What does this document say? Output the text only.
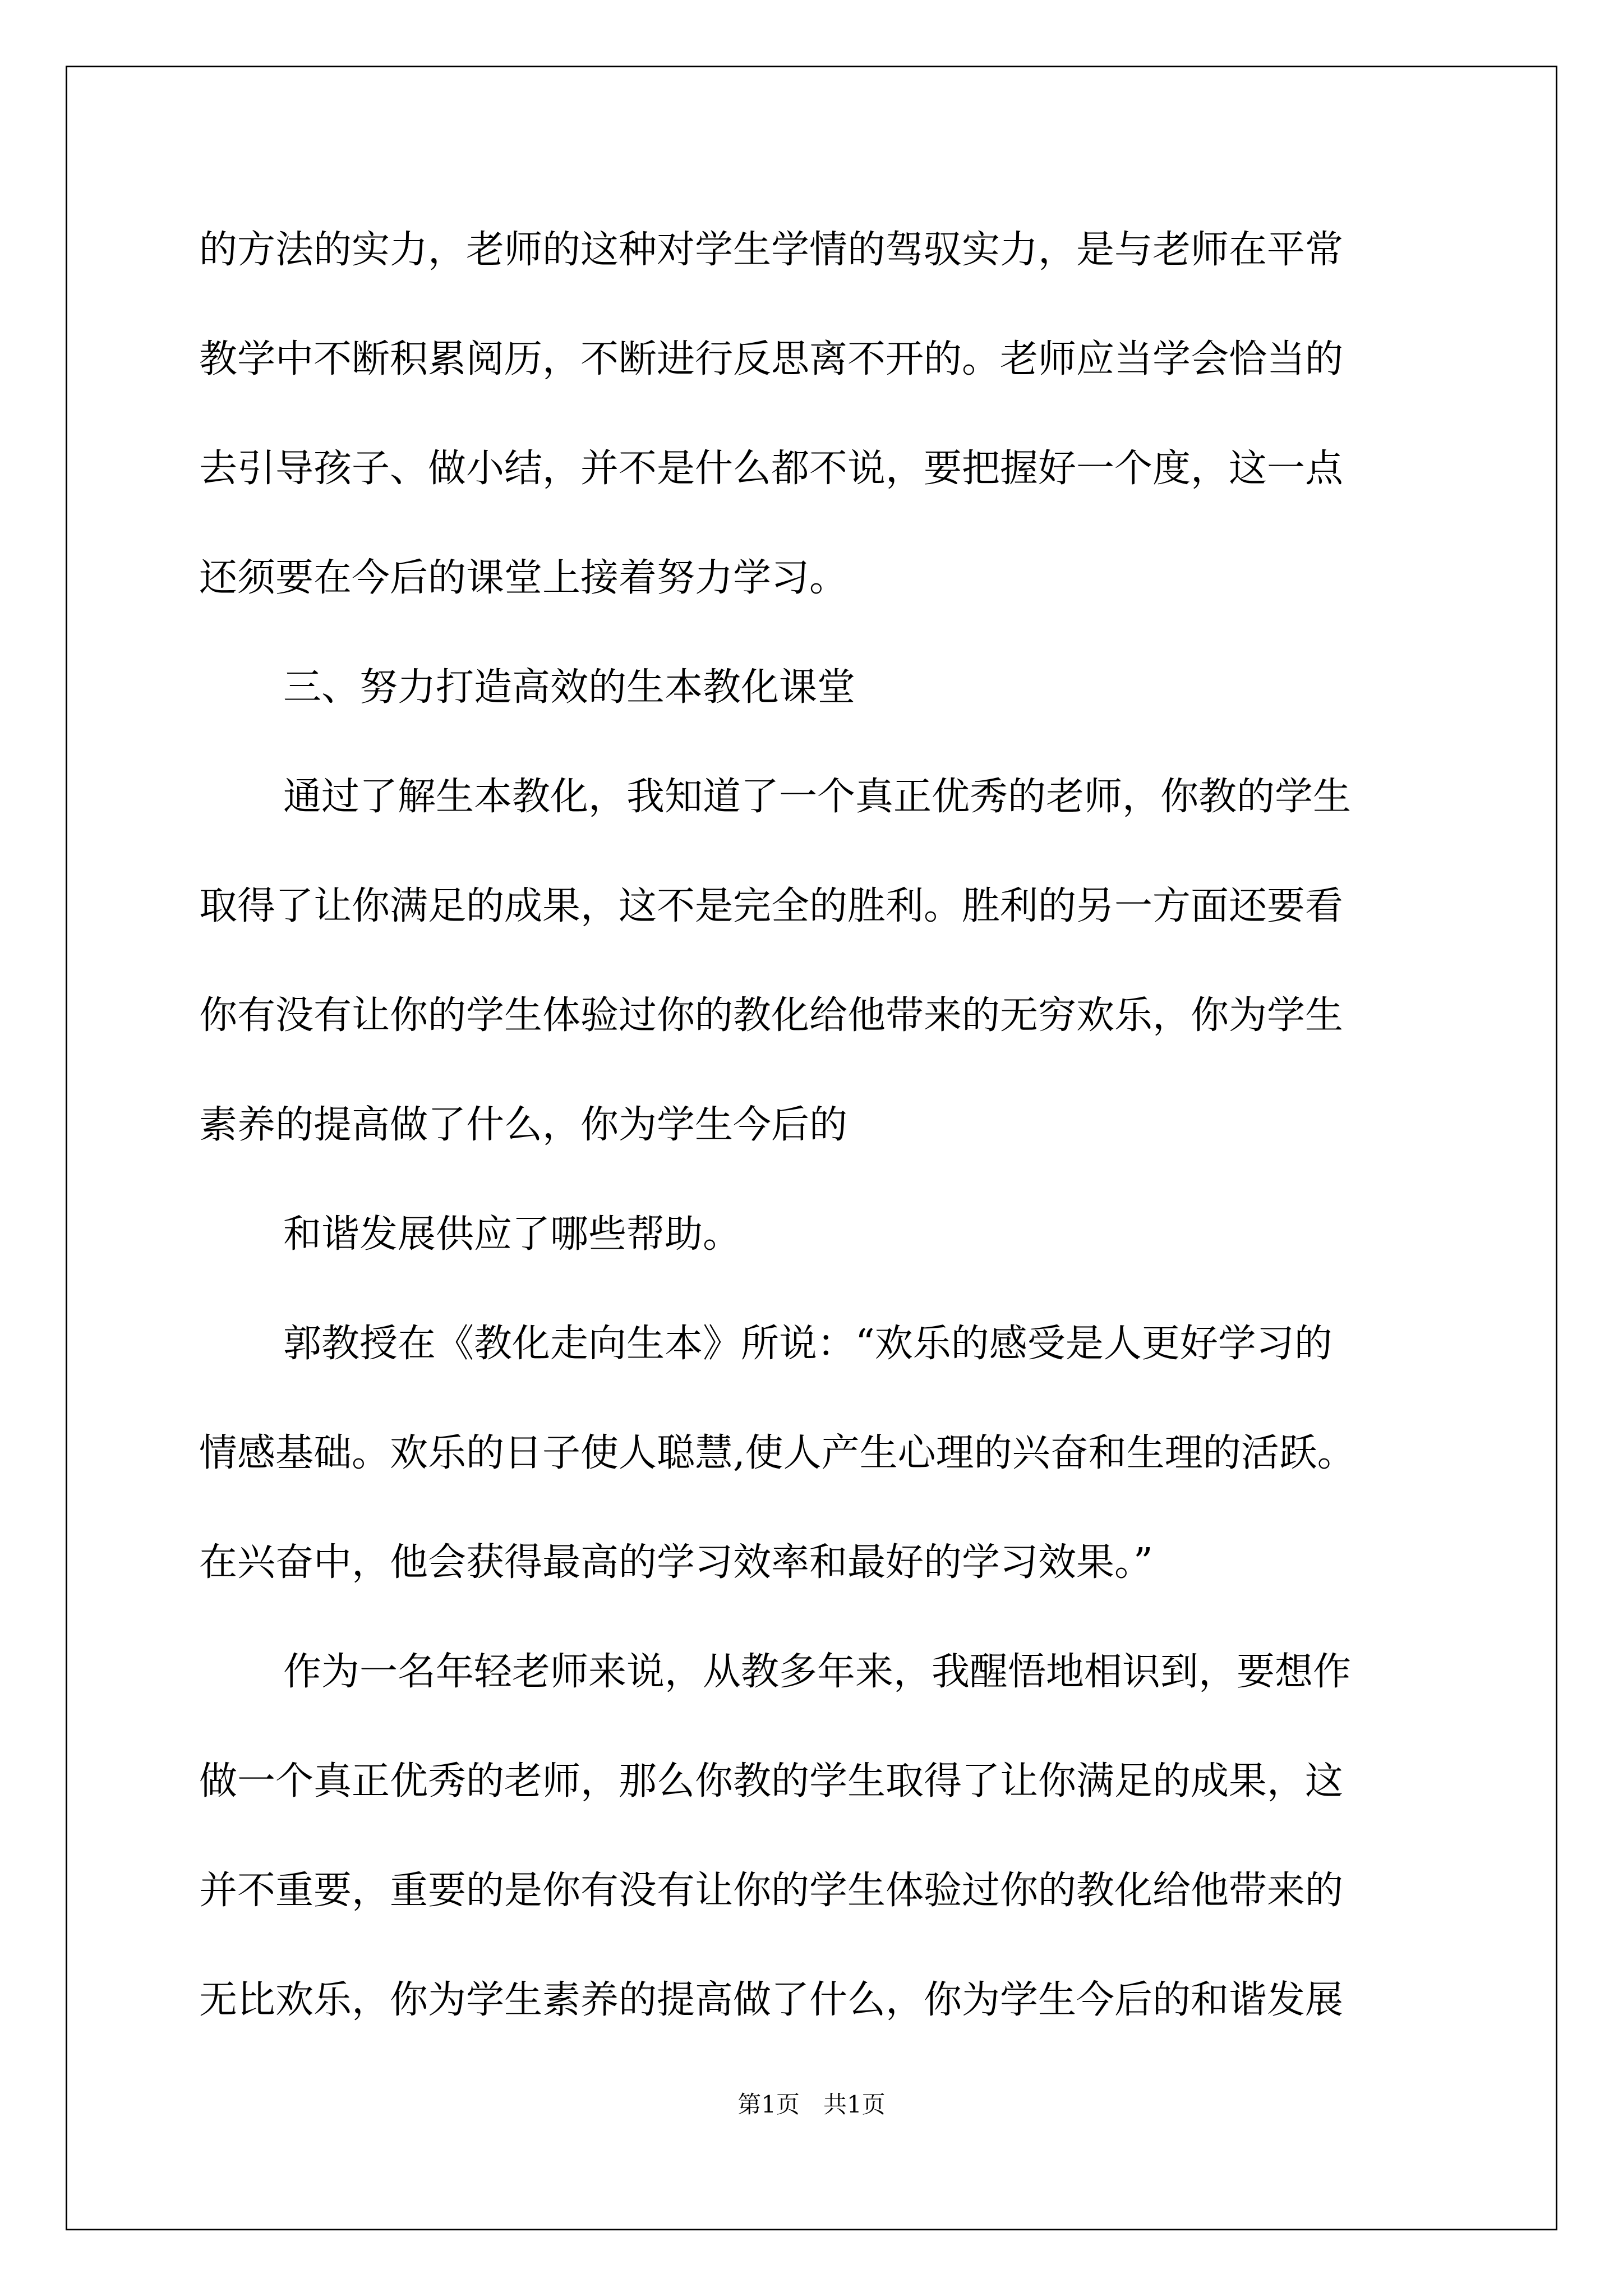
的方法的实力，老师的这种对学生学情的驾驭实力，是与老师在平常
教学中不断积累阅历，不断进行反思离不开的。老师应当学会恰当的
去引导孩子、做小结，并不是什么都不说，要把握好一个度，这一点
还须要在今后的课堂上接着努力学习。
三、努力打造高效的生本教化课堂
通过了解生本教化，我知道了一个真正优秀的老师，你教的学生
取得了让你满足的成果，这不是完全的胜利。胜利的另一方面还要看
你有没有让你的学生体验过你的教化给他带来的无穷欢乐，你为学生
素养的提高做了什么，你为学生今后的
和谐发展供应了哪些帮助。
郭教授在《教化走向生本》所说：“欢乐的感受是人更好学习的
情感基础。欢乐的日子使人聪慧,使人产生心理的兴奋和生理的活跃。
在兴奋中，他会获得最高的学习效率和最好的学习效果。”
作为一名年轻老师来说，从教多年来，我醒悟地相识到，要想作
做一个真正优秀的老师，那么你教的学生取得了让你满足的成果，这
并不重要，重要的是你有没有让你的学生体验过你的教化给他带来的
无比欢乐，你为学生素养的提高做了什么，你为学生今后的和谐发展
第1页　共1页
